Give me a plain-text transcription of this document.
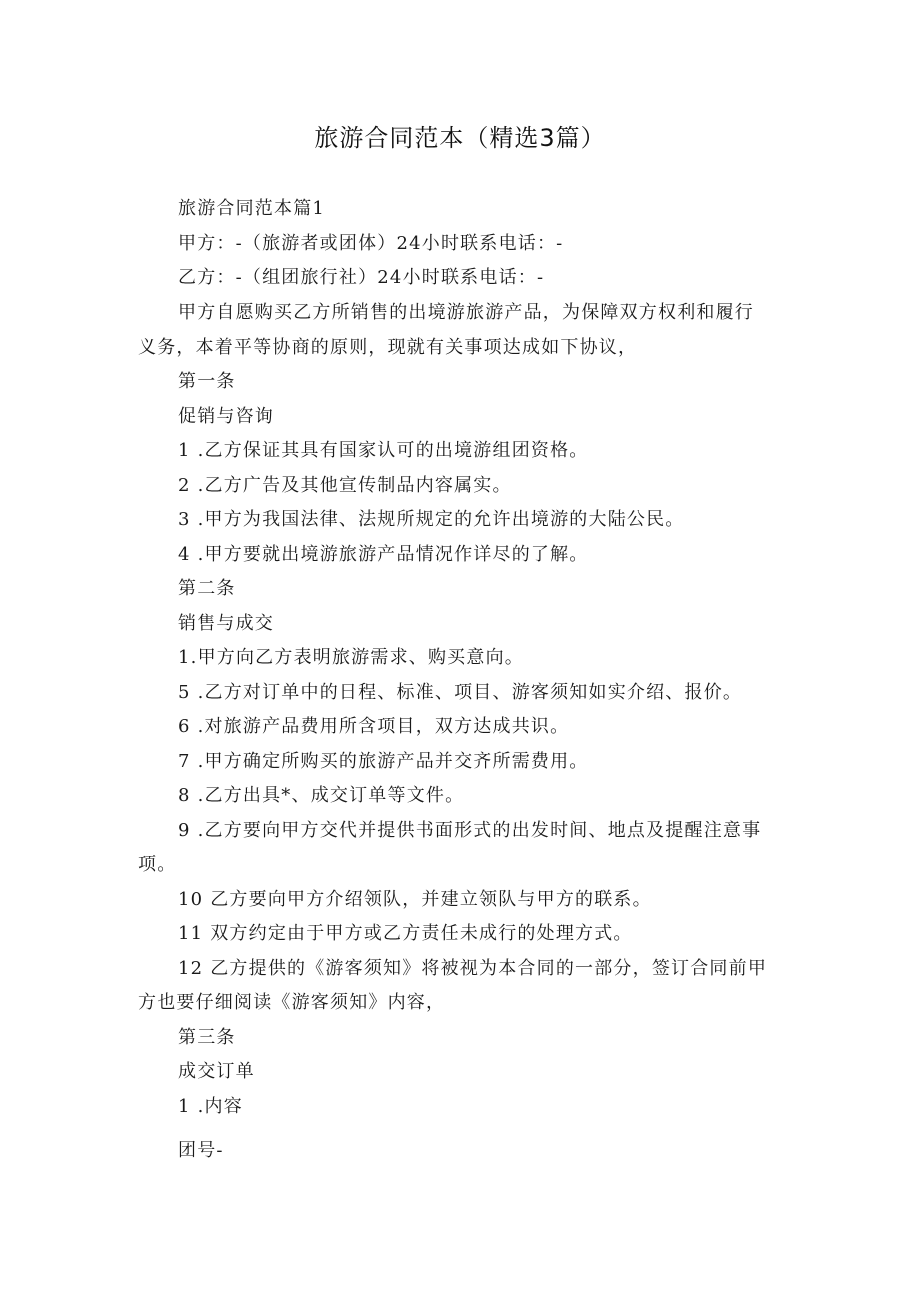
旅游合同范本（精选3篇）
旅游合同范本篇1
甲方：-（旅游者或团体）24小时联系电话：-
乙方：-（组团旅行社）24小时联系电话：-
甲方自愿购买乙方所销售的出境游旅游产品，为保障双方权利和履行
义务，本着平等协商的原则，现就有关事项达成如下协议，
第一条
促销与咨询
1 .乙方保证其具有国家认可的出境游组团资格。
2 .乙方广告及其他宣传制品内容属实。
3 .甲方为我国法律、法规所规定的允许出境游的大陆公民。
4 .甲方要就出境游旅游产品情况作详尽的了解。
第二条
销售与成交
1.甲方向乙方表明旅游需求、购买意向。
5 .乙方对订单中的日程、标准、项目、游客须知如实介绍、报价。
6 .对旅游产品费用所含项目，双方达成共识。
7 .甲方确定所购买的旅游产品并交齐所需费用。
8 .乙方出具*、成交订单等文件。
9 .乙方要向甲方交代并提供书面形式的出发时间、地点及提醒注意事
项。
10 乙方要向甲方介绍领队，并建立领队与甲方的联系。
11 双方约定由于甲方或乙方责任未成行的处理方式。
12 乙方提供的《游客须知》将被视为本合同的一部分，签订合同前甲
方也要仔细阅读《游客须知》内容，
第三条
成交订单
1 .内容
团号-
